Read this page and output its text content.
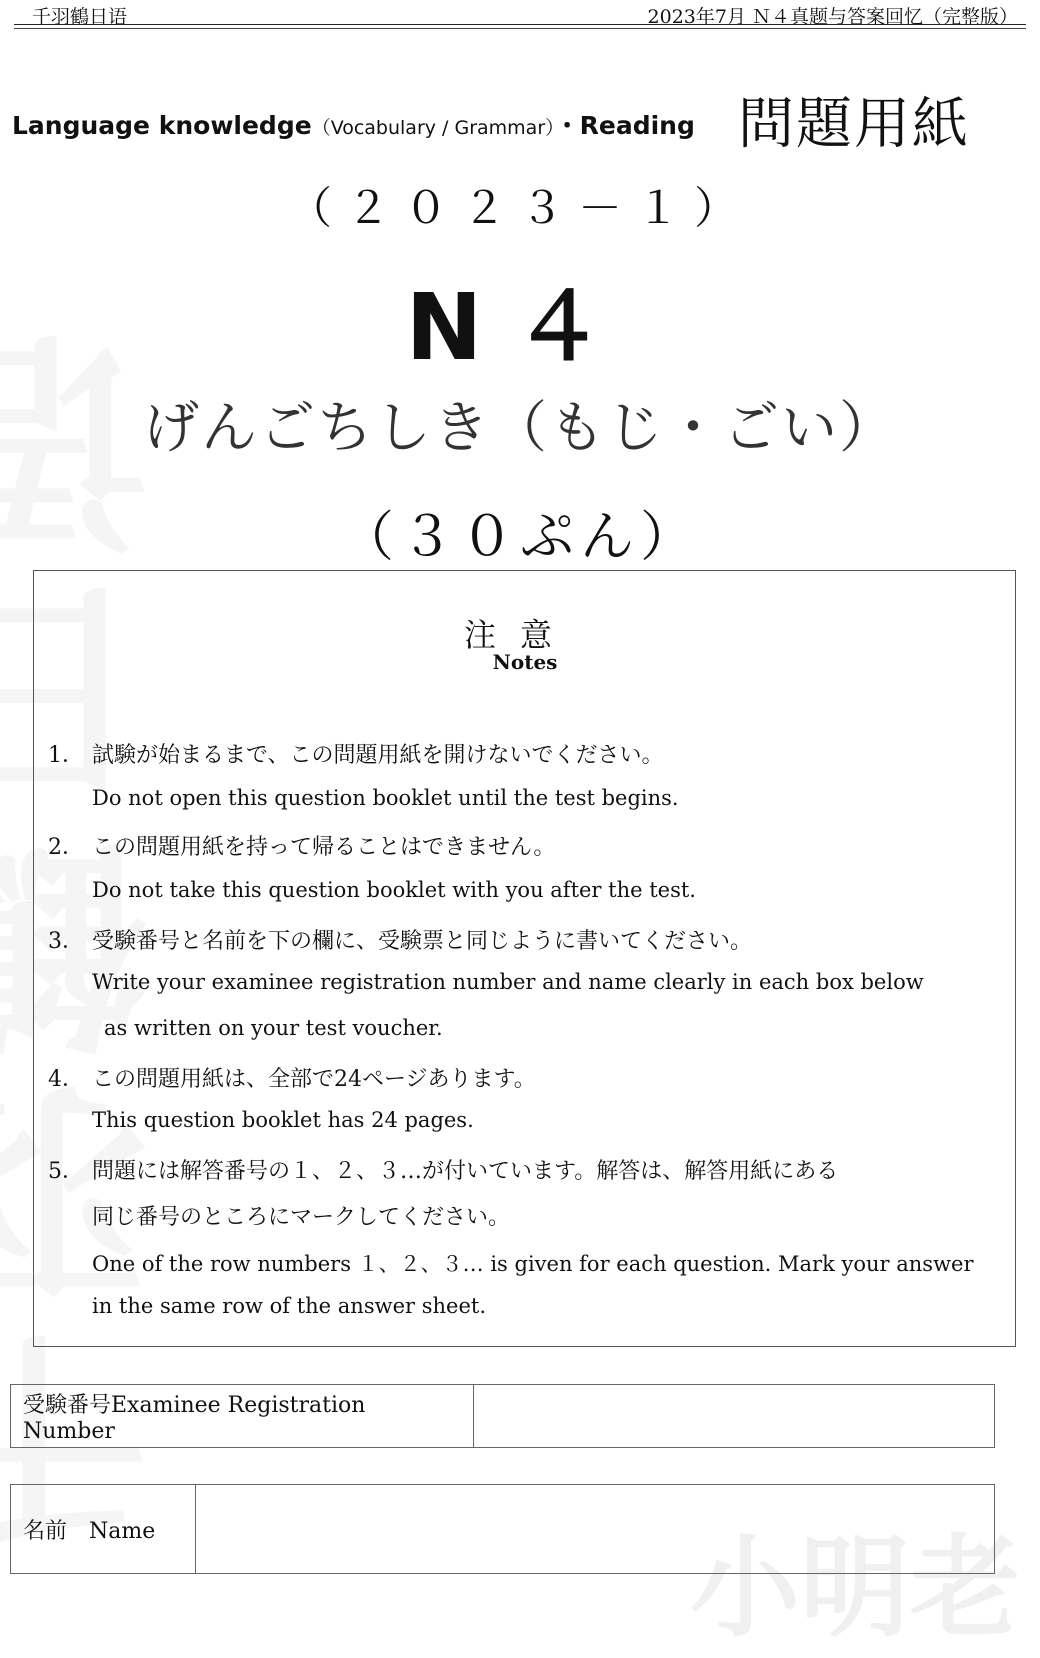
小明老
千羽鶴日语	2023年7月 Ｎ４真题与答案回忆（完整版）
Language knowledge（Vocabulary / Grammar）・Reading 問題用紙
（２０２３－１）
N４
げんごちしき（もじ・ごい）
（３０ぷん）
注意
Notes
1． 試験が始まるまで、この問題用紙を開けないでください。
Do not open this question booklet until the test begins.
2． この問題用紙を持って帰ることはできません。
Do not take this question booklet with you after the test.
3． 受験番号と名前を下の欄に、受験票と同じように書いてください。
Write your examinee registration number and name clearly in each box below
as written on your test voucher.
4． この問題用紙は、全部で24ページあります。
This question booklet has 24 pages.
5． 問題には解答番号の１、２、３…が付いています。解答は、解答用紙にある
同じ番号のところにマークしてください。
One of the row numbers １、２、３… is given for each question. Mark your answer
in the same row of the answer sheet.
受験番号Examinee Registration Number	
名前　Name	
